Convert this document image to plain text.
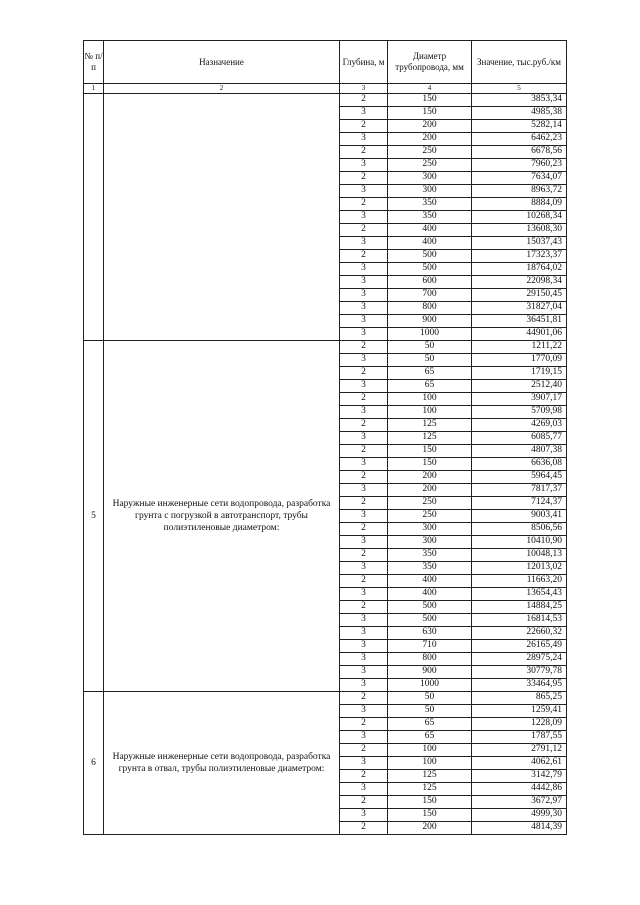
№ п/п	Назначение	Глубина, м	Диаметр трубопровода, мм	Значение, тыс.руб./км
1	2	3	4	5
		2	150	3853,34
		3	150	4985,38
		2	200	5282,14
		3	200	6462,23
		2	250	6678,56
		3	250	7960,23
		2	300	7634,07
		3	300	8963,72
		2	350	8884,09
		3	350	10268,34
		2	400	13608,30
		3	400	15037,43
		2	500	17323,37
		3	500	18764,02
		3	600	22098,34
		3	700	29150,45
		3	800	31827,04
		3	900	36451,81
		3	1000	44901,06
5	Наружные инженерные сети водопровода, разработка грунта с погрузкой в автотранспорт, трубы полиэтиленовые диаметром:	2	50	1211,22
		3	50	1770,09
		2	65	1719,15
		3	65	2512,40
		2	100	3907,17
		3	100	5709,98
		2	125	4269,03
		3	125	6085,77
		2	150	4807,38
		3	150	6636,08
		2	200	5964,45
		3	200	7817,37
		2	250	7124,37
		3	250	9003,41
		2	300	8506,56
		3	300	10410,90
		2	350	10048,13
		3	350	12013,02
		2	400	11663,20
		3	400	13654,43
		2	500	14884,25
		3	500	16814,53
		3	630	22660,32
		3	710	26165,49
		3	800	28975,24
		3	900	30779,78
		3	1000	33464,95
6	Наружные инженерные сети водопровода, разработка грунта в отвал, трубы полиэтиленовые диаметром:	2	50	865,25
		3	50	1259,41
		2	65	1228,09
		3	65	1787,55
		2	100	2791,12
		3	100	4062,61
		2	125	3142,79
		3	125	4442,86
		2	150	3672,97
		3	150	4999,30
		2	200	4814,39
